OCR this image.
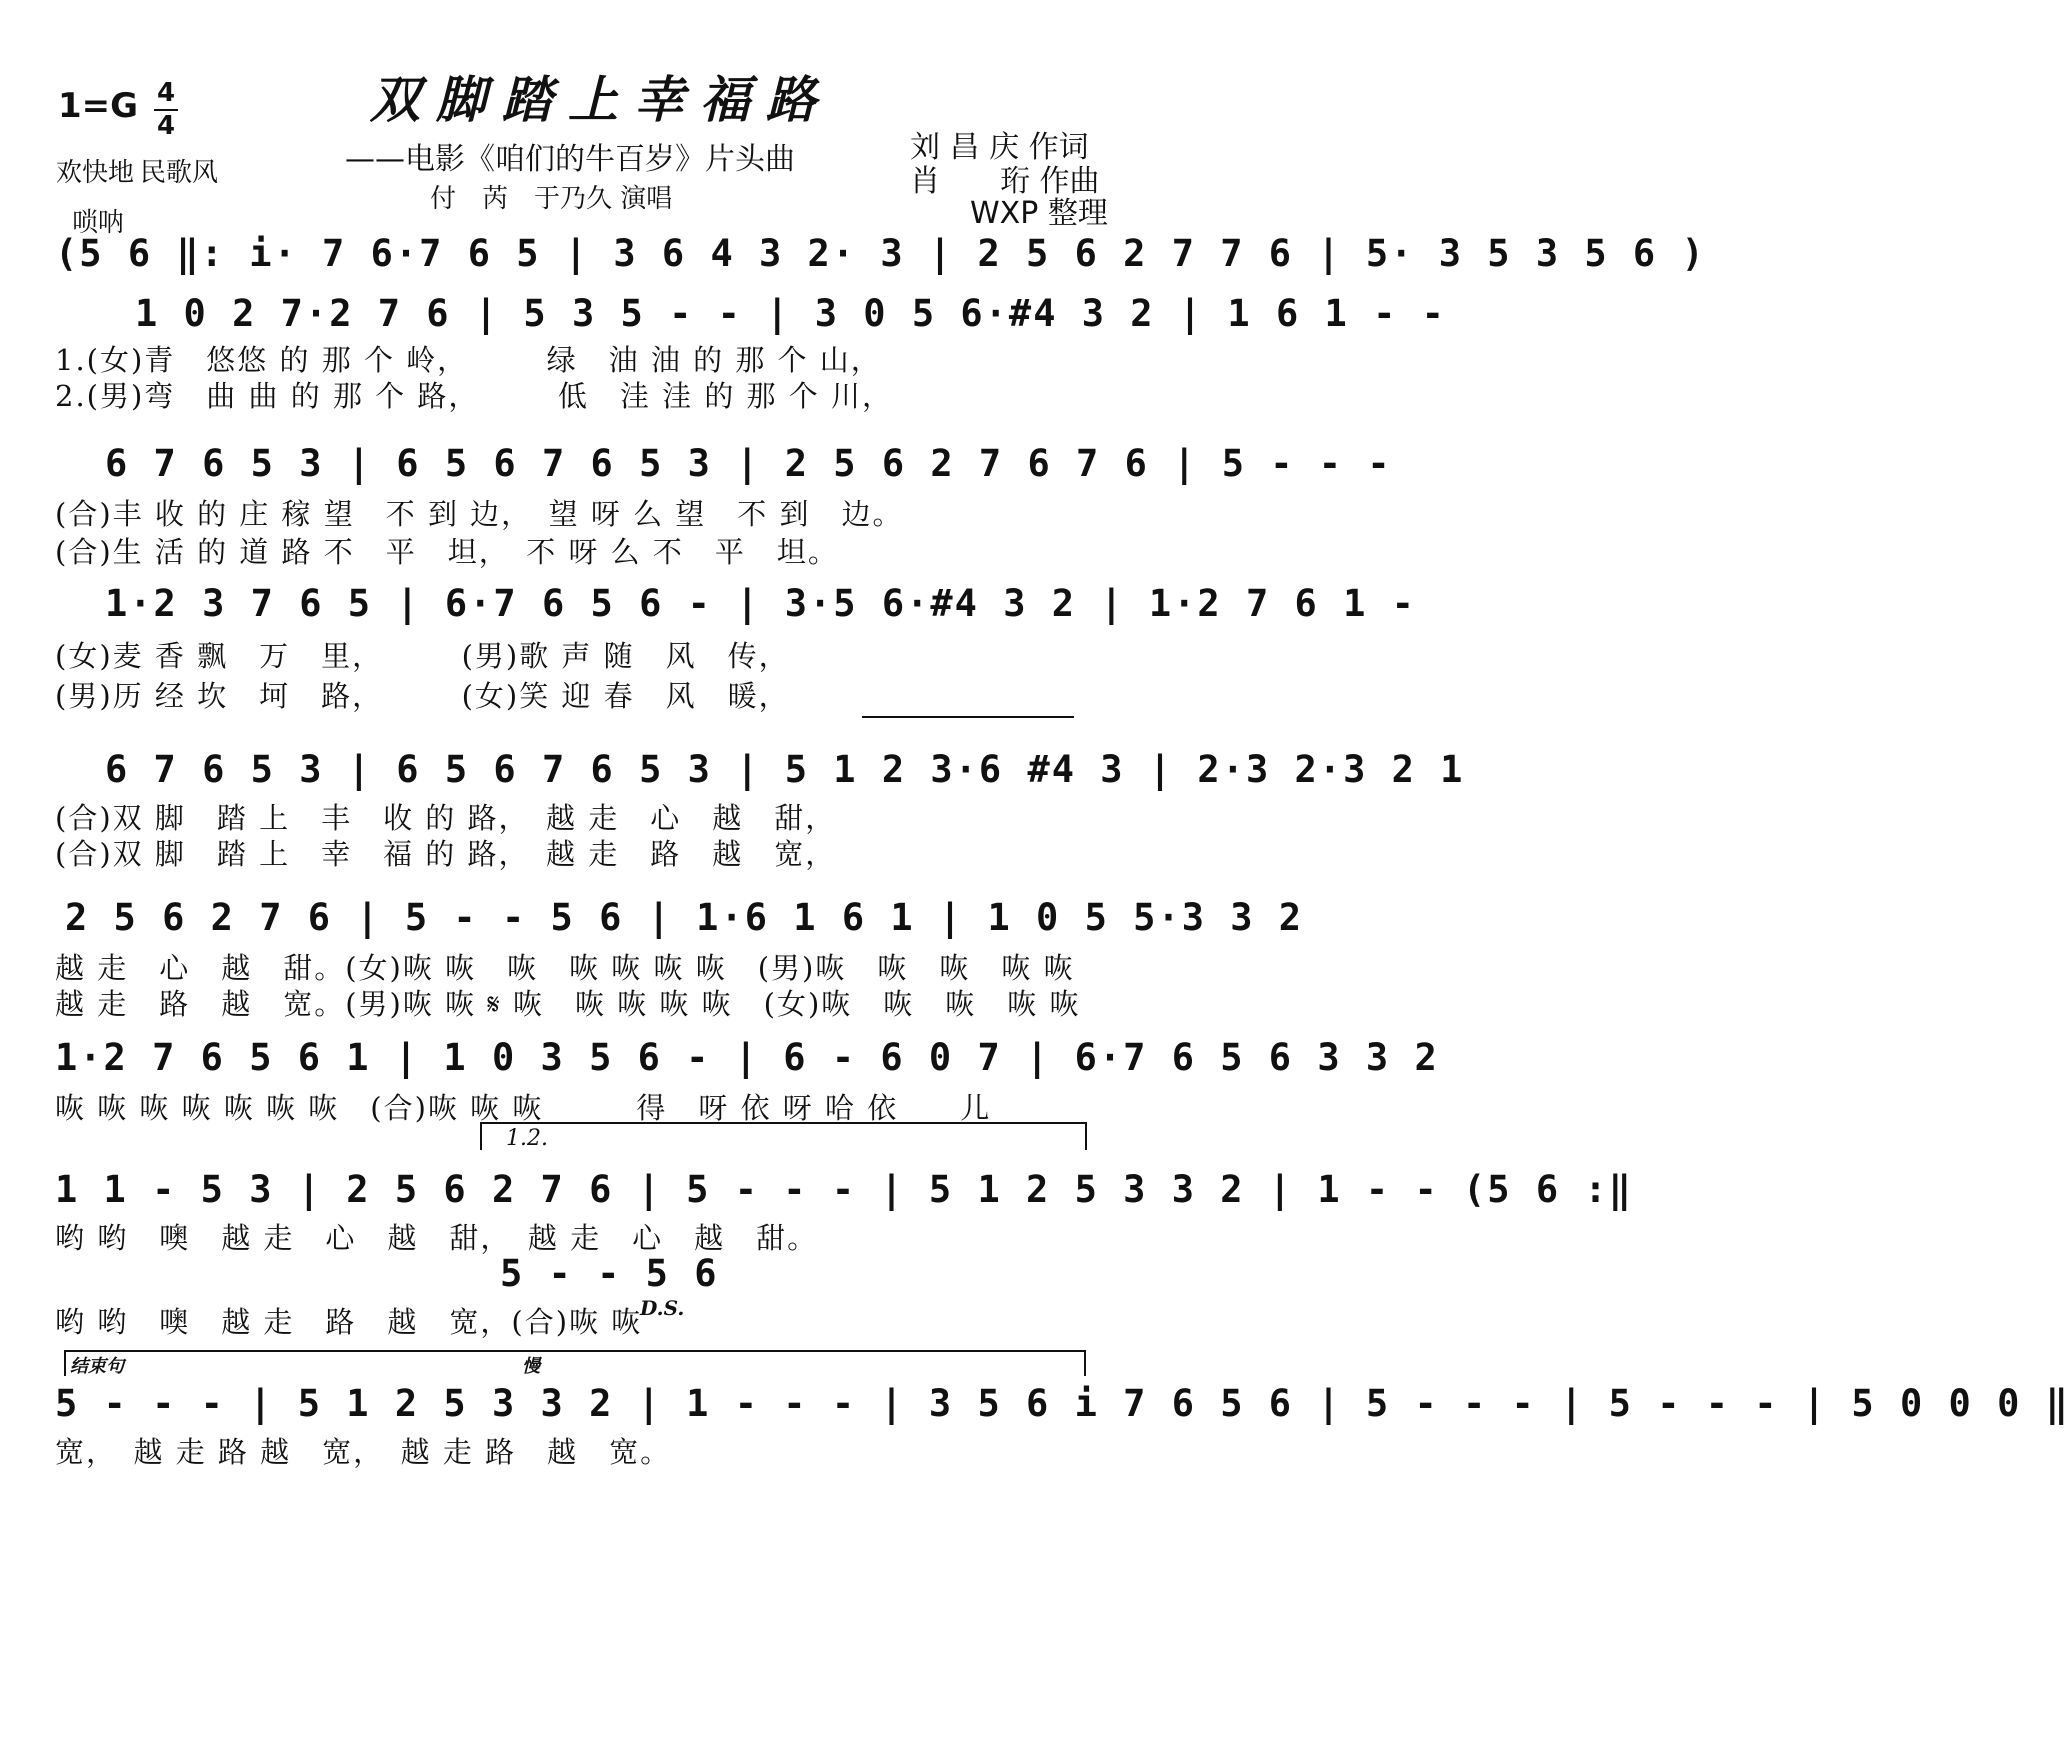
1=G 4
4	双脚踏上幸福路
——电影《咱们的牛百岁》片头曲
付　芮　于乃久 演唱
欢快地 民歌风
唢呐
刘 昌 庆 作词
肖　　珩 作曲
WXP 整理
(5 6 ‖: i· 7 6·7 6 5 | 3 6 4 3 2· 3 | 2 5 6 2 7 7 6 | 5· 3 5 3 5 6 )
1 0 2 7·2 7 6 | 5 3 5 - - | 3 0 5 6·#4 3 2 | 1 6 1 - -
1.(女)青　悠悠 的 那 个 岭，　　　绿　油 油 的 那 个 山，
2.(男)弯　曲 曲 的 那 个 路，　　　低　洼 洼 的 那 个 川，
6 7 6 5 3 | 6 5 6 7 6 5 3 | 2 5 6 2 7 6 7 6 | 5 - - -
(合)丰 收 的 庄 稼 望　不 到 边，　望 呀 么 望　不 到　边。
(合)生 活 的 道 路 不　平　坦，　不 呀 么 不　平　坦。
1·2 3 7 6 5 | 6·7 6 5 6 - | 3·5 6·#4 3 2 | 1·2 7 6 1 -
(女)麦 香 飘　万　里，　　　(男)歌 声 随　风　传，
(男)历 经 坎　坷　路，　　　(女)笑 迎 春　风　暖，
6 7 6 5 3 | 6 5 6 7 6 5 3 | 5 1 2 3·6 #4 3 | 2·3 2·3 2 1
(合)双 脚　踏 上　丰　收 的 路，　越 走　心　越　甜，
(合)双 脚　踏 上　幸　福 的 路，　越 走　路　越　宽，
2 5 6 2 7 6 | 5 - - 5 6 | 1·6 1 6 1 | 1 0 5 5·3 3 2
越 走　心　越　甜。(女)咴 咴　咴　咴 咴 咴 咴　(男)咴　咴　咴　咴 咴
越 走　路　越　宽。(男)咴 咴 𝄋 咴　咴 咴 咴 咴　(女)咴　咴　咴　咴 咴
1·2 7 6 5 6 1 | 1 0 3 5 6 - | 6 - 6 0 7 | 6·7 6 5 6 3 3 2
咴 咴 咴 咴 咴 咴 咴　(合)咴 咴 咴　　　得　呀 依 呀 哈 依　　儿
1.2.
1 1 - 5 3 | 2 5 6 2 7 6 | 5 - - - | 5 1 2 5 3 3 2 | 1 - - (5 6 :‖
哟 哟　噢　越 走　心　越　甜，　越 走　心　越　甜。
5 - - 5 6
哟 哟　噢　越 走　路　越　宽，(合)咴 咴
D.S.
结束句	慢
5 - - - | 5 1 2 5 3 3 2 | 1 - - - | 3 5 6 i 7 6 5 6 | 5 - - - | 5 - - - | 5 0 0 0 ‖
宽，　越 走 路 越　宽，　越 走 路　越　宽。
